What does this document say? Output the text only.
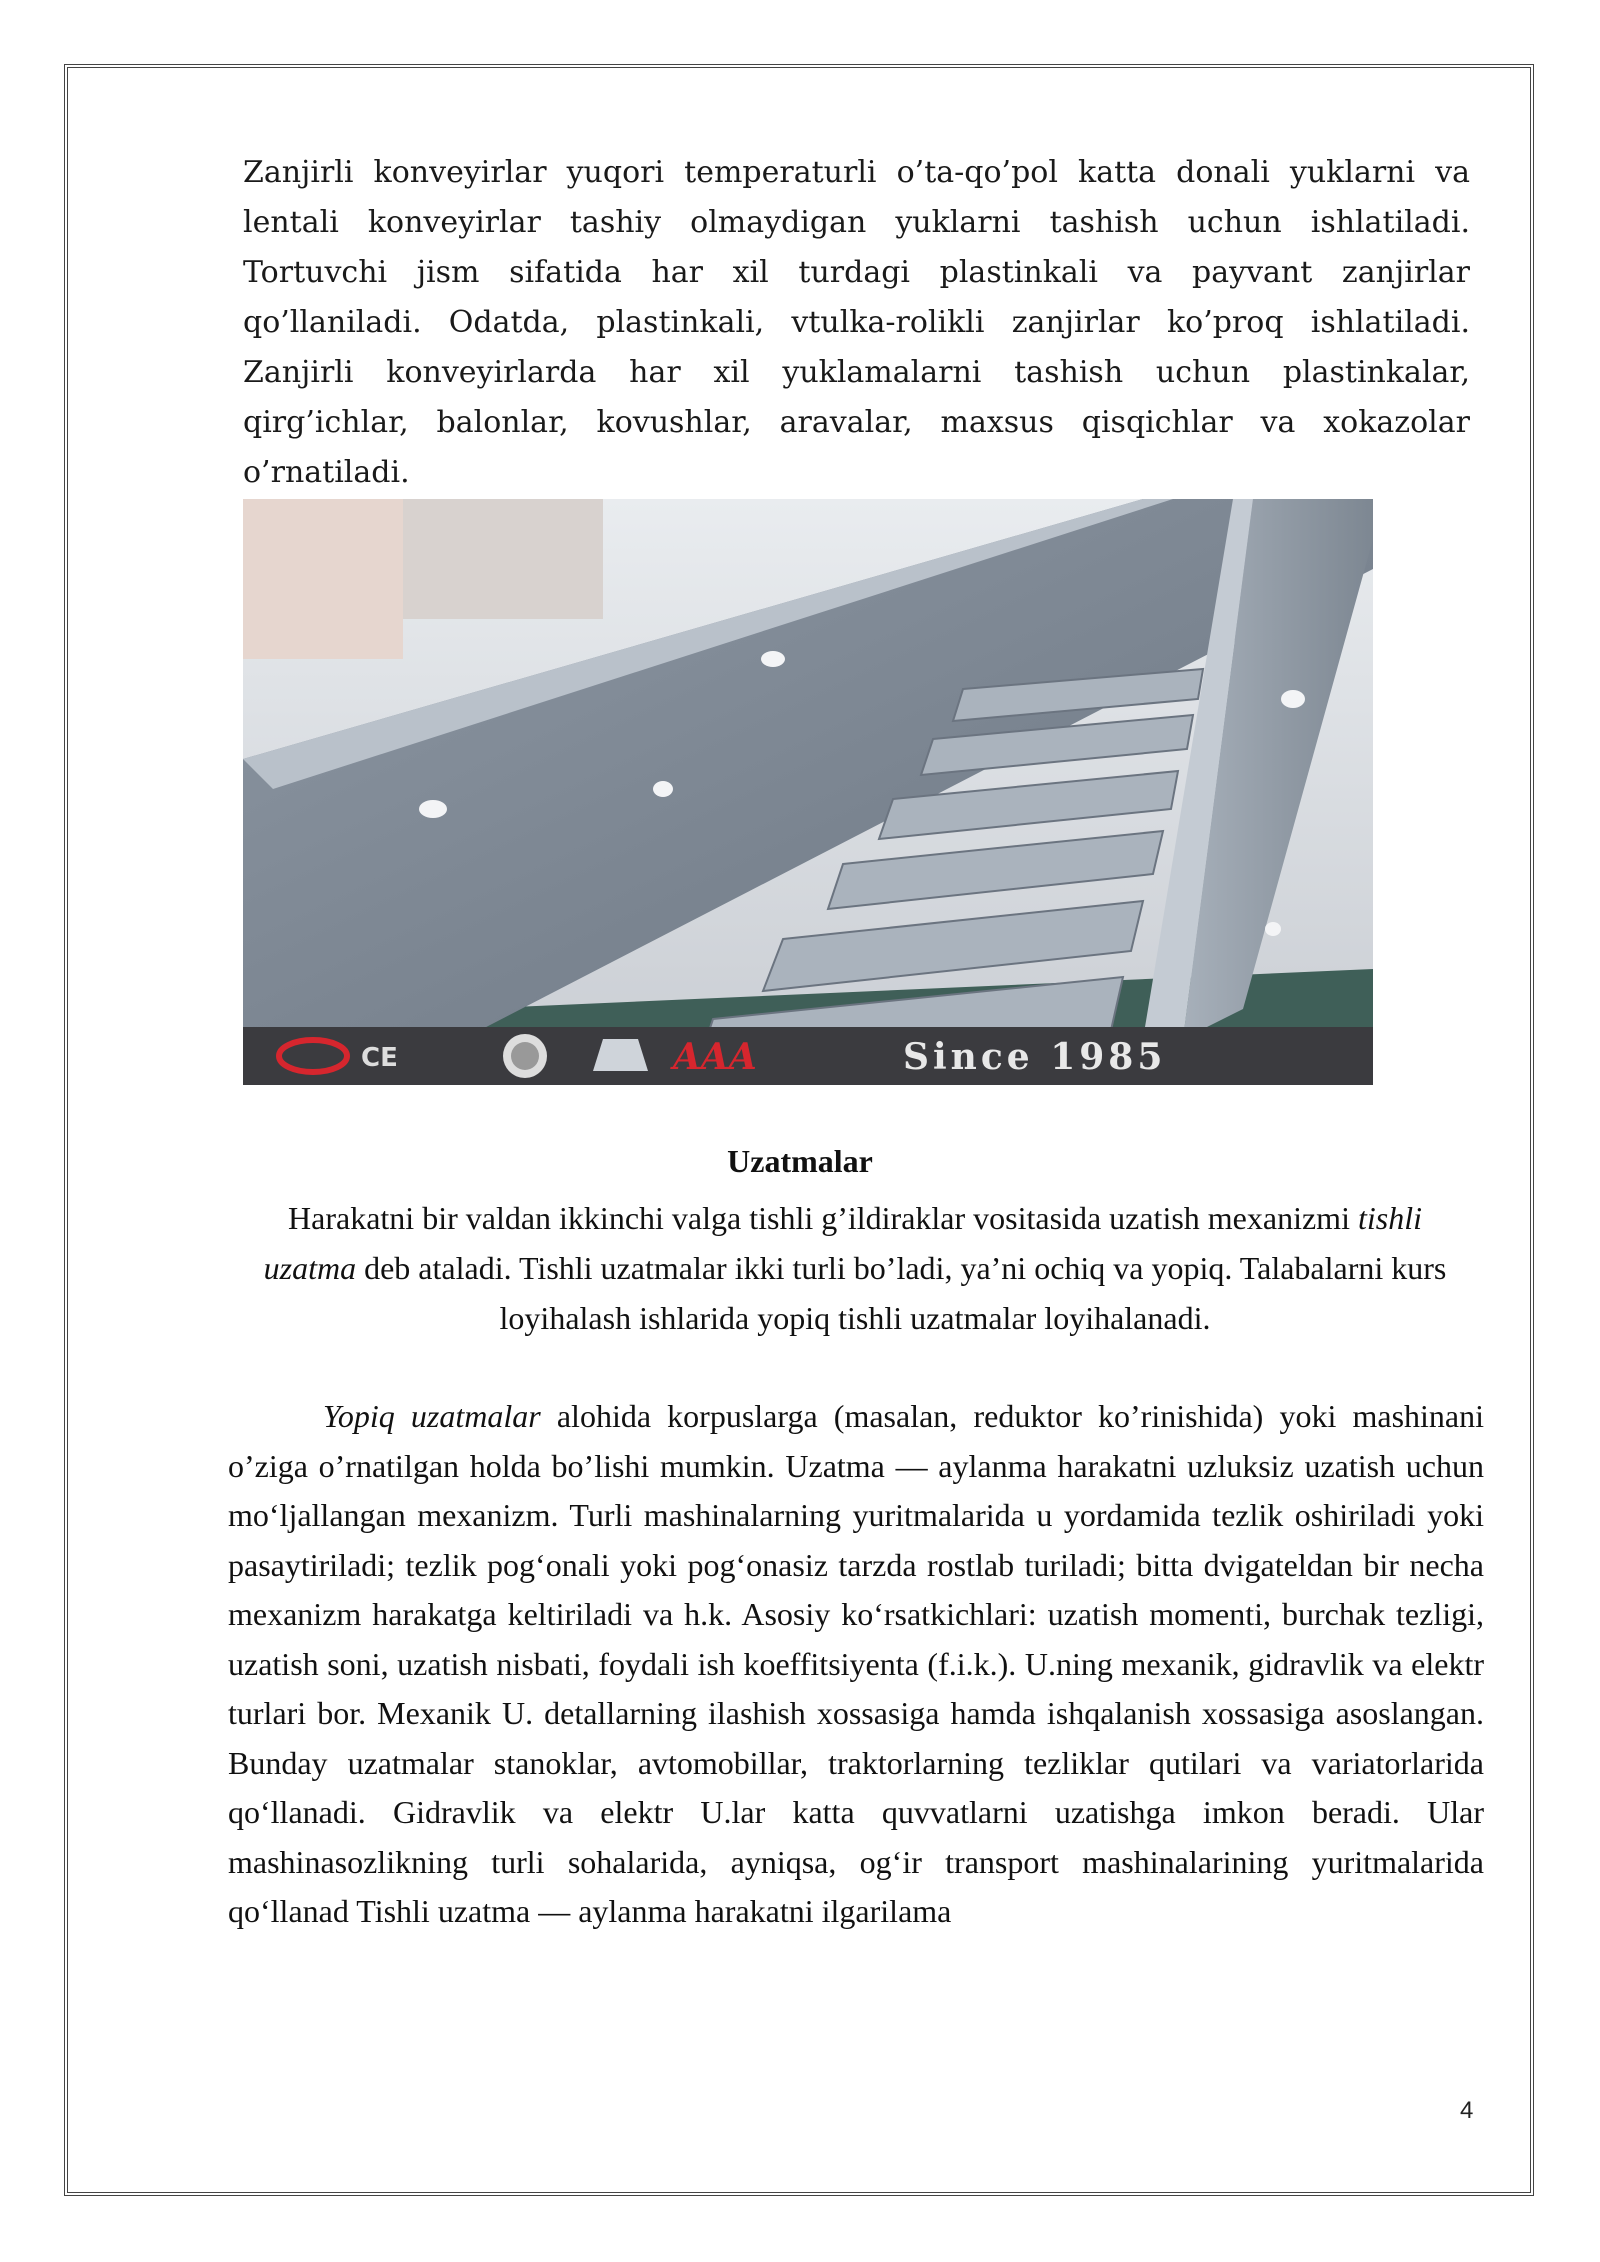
Zanjirli konveyirlar yuqori temperaturli o’ta-qo’pol katta donali yuklarni va lentali konveyirlar tashiy olmaydigan yuklarni tashish uchun ishlatiladi. Tortuvchi jism sifatida har xil turdagi plastinkali va payvant zanjirlar qo’llaniladi. Odatda, plastinkali, vtulka-rolikli zanjirlar ko’proq ishlatiladi. Zanjirli konveyirlarda har xil yuklamalarni tashish uchun plastinkalar, qirg’ichlar, balonlar, kovushlar, aravalar, maxsus qisqichlar va xokazolar o’rnatiladi.

CE	AAA	Since 1985
Uzatmalar

Harakatni bir valdan ikkinchi valga tishli g’ildiraklar vositasida uzatish mexanizmi tishli uzatma deb ataladi. Tishli uzatmalar ikki turli bo’ladi, ya’ni ochiq va yopiq. Talabalarni kurs loyihalash ishlarida yopiq tishli uzatmalar loyihalanadi.

Yopiq uzatmalar alohida korpuslarga (masalan, reduktor ko’rinishida) yoki mashinani o’ziga o’rnatilgan holda bo’lishi mumkin. Uzatma — aylanma harakatni uzluksiz uzatish uchun mo‘ljallangan mexanizm. Turli mashinalarning yuritmalarida u yordamida tezlik oshiriladi yoki pasaytiriladi; tezlik pog‘onali yoki pog‘onasiz tarzda rostlab turiladi; bitta dvigateldan bir necha mexanizm harakatga keltiriladi va h.k. Asosiy ko‘rsatkichlari: uzatish momenti, burchak tezligi, uzatish soni, uzatish nisbati, foydali ish koeffitsiyenta (f.i.k.). U.ning mexanik, gidravlik va elektr turlari bor. Mexanik U. detallarning ilashish xossasiga hamda ishqalanish xossasiga asoslangan. Bunday uzatmalar stanoklar, avtomobillar, traktorlarning tezliklar qutilari va variatorlarida qo‘llanadi. Gidravlik va elektr U.lar katta quvvatlarni uzatishga imkon beradi. Ular mashinasozlikning turli sohalarida, ayniqsa, og‘ir transport mashinalarining yuritmalarida qo‘llanad Tishli uzatma — aylanma harakatni ilgarilama

4
